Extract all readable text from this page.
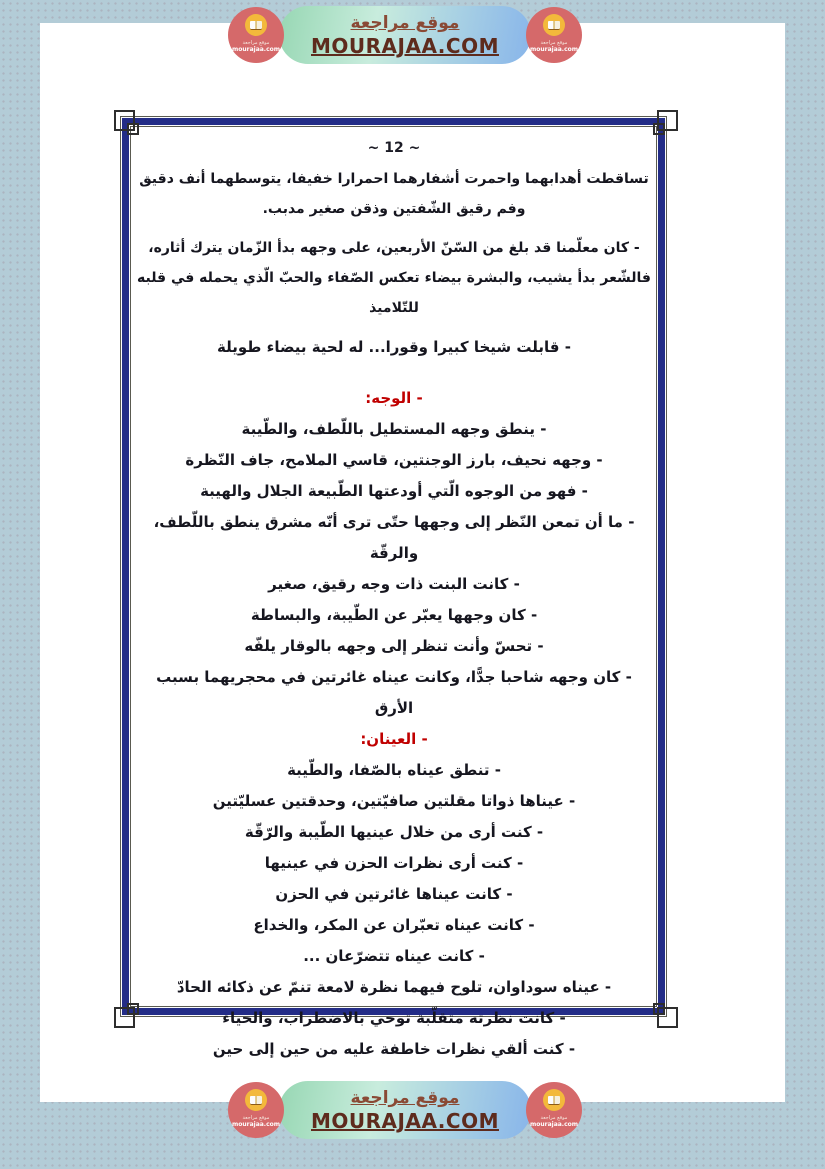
موقع مراجعة
mourajaa.com
موقع مراجعة
MOURAJAA.COM	موقع مراجعة
mourajaa.com
~ 12 ~
تساقطت أهدابهما واحمرت أشفارهما احمرارا خفيفا، يتوسطهما أنف دقيق وفم رقيق الشّفتين وذقن صغير مدبب.
- كان معلّمنا قد بلغ من السّنّ الأربعين، على وجهه بدأ الزّمان يترك أثاره، فالشّعر بدأ يشيب، والبشرة بيضاء تعكس الصّفاء والحبّ الّذي يحمله في قلبه للتّلاميذ
- قابلت شيخا كبيرا وقورا... له لحية بيضاء طويلة
- الوجه:
- ينطق وجهه المستطيل باللّطف، والطّيبة
- وجهه نحيف، بارز الوجنتين، قاسي الملامح، جاف النّظرة
- فهو من الوجوه الّتي أودعتها الطّبيعة الجلال والهيبة
- ما أن تمعن النّظر إلى وجهها حتّى ترى أنّه مشرق ينطق باللّطف، والرقّة
- كانت البنت ذات وجه رقيق، صغير
- كان وجهها يعبّر عن الطّيبة، والبساطة
- تحسّ وأنت تنظر إلى وجهه بالوقار يلفّه
- كان وجهه شاحبا جدًّا، وكانت عيناه غائرتين في محجريهما بسبب الأرق
- العينان:
- تنطق عيناه بالصّفا، والطّيبة
- عيناها ذواتا مقلتين صافيّتين، وحدقتين عسليّتين
- كنت أرى من خلال عينيها الطّيبة والرّقّة
- كنت أرى نظرات الحزن في عينيها
- كانت عيناها غائرتين في الحزن
- كانت عيناه تعبّران عن المكر، والخداع
- كانت عيناه تتضرّعان ...
- عيناه سوداوان، تلوح فيهما نظرة لامعة تنمّ عن ذكائه الحادّ
- كانت نظرته متقلّبة توحي بالاضطراب، والحياء
- كنت ألقي نظرات خاطفة عليه من حين إلى حين
موقع مراجعة
mourajaa.com
موقع مراجعة
MOURAJAA.COM	موقع مراجعة
mourajaa.com
